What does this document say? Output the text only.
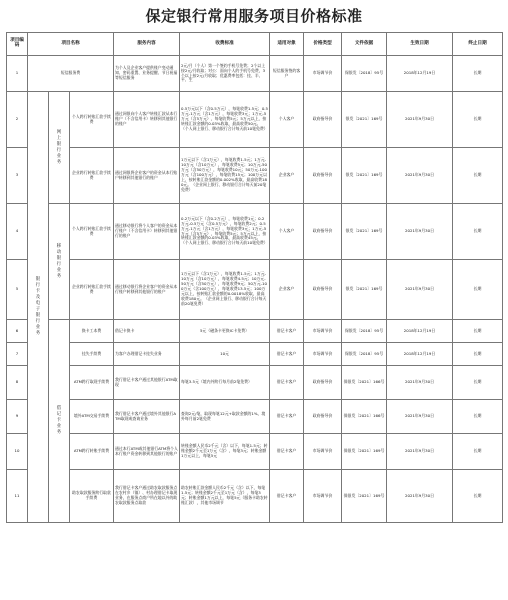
保定银行常用服务项目价格标准
项目编码	项目名称			服务内容	收费标准	适用对象	价格类型	文件依据	生效日期	终止日期
1	短信服务费			为个人及企业客户提供账户变动通知、密码重置、业务提醒、节日祝福等短信服务	2元/月（个人）第一个签约手机号免费；2个以上按2元/月收取；对公：面向个人的手机号免费，3个以上按2元/月收取；优惠费率包括：挂、半、平、生	短信服务签约客户	市场调节价	保银发〔2018〕95号	2018年12月19日	长期
2	银行卡及电子银行业务	网上银行业务	个人跨行转账汇款手续费	通过网银向个人客户转账汇款从本行账户（不含信用卡）转移到其他银行的账户	0.5万元以下（含0.5万元），每笔收费1.5元；0.5万元-1万元（含1万元），每笔收费3元；1万元-5万元（含5万元），每笔收费5元；5万元以上，按转账汇款金额的0.03%收取，最高收费50元。（个人网上银行、移动银行合计每天前10笔免费）	个人客户	政府指导价	银发〔2021〕169号	2021年9月30日	长期
3			企业跨行转账汇款手续费	通过网银将企业客户的资金从本行账户转移到其他银行的账户	1万元以下（含1万元），每笔收费1.5元；1万元-10万元（含10万元），每笔收费5元；10万元-50万元（含50万元），每笔收费10元；50万元-100万元（含100万元），每笔收费15元；100万元以上，按转账汇款金额的0.002%收取，最高收费180元。（企业网上银行、移动银行合计每天前20笔免费）	企业客户	政府指导价	银发〔2021〕169号	2021年9月30日	长期
4		移动银行业务	个人跨行转账汇款手续费	通过移动银行将个人客户的资金从本行账户（不含信用卡）转移到其他银行的账户	0.2万元以下（含0.2万元），每笔收费1元；0.2万元-0.5万元（含0.5万元），每笔收费2元；0.5万元-1万元（含1万元），每笔收费3元；1万元-5万元（含5万元），每笔收费5元；5万元以上，按转账汇款金额的0.03%收取，最高收费45元。（个人网上银行、移动银行合计每天前10笔免费）	个人客户	政府指导价	银发〔2021〕169号	2021年9月30日	长期
5			企业跨行转账汇款手续费	通过移动银行将企业客户的资金从本行账户转移到其他银行的账户	1万元以下（含1万元），每笔收费1.5元；1万元-10万元（含10万元），每笔收费4.5元；10万元-50万元（含50万元），每笔收费9元；50万元-100万元（含100万元），每笔收费13.5元；100万元以上，按转账汇款金额的0.0018%收取，最高收费180元。（企业网上银行、移动银行合计每天前20笔免费）	企业客户	政府指导价	银发〔2021〕169号	2021年9月30日	长期
6		借记卡业务	换卡工本费	借记卡换卡	5元（磁条卡更换IC卡免费）	借记卡客户	市场调节价	保银发〔2018〕95号	2018年12月19日	长期
7			挂失手续费	为客户办理借记卡挂失业务	10元	借记卡客户	市场调节价	保银发〔2018〕95号	2018年12月19日	长期
8			ATM跨行取现手续费	我行借记卡客户通过其他银行ATM取现	每笔3.5元（境内外跨行每月前2笔免费）	借记卡客户	政府指导价	保银发〔2021〕166号	2021年9月30日	长期
9			境外ATM交易手续费	我行借记卡客户通过境外其他银行ATM取现或查询业务	查询2元/笔，取现每笔12元+取款金额的1%，境外每月前2笔免费	借记卡客户	政府指导价	保银发〔2021〕166号	2021年9月30日	长期
10			ATM跨行转账手续费	通过本行ATM或其他银行ATM将个人本行账户资金转移到其他银行的账户	转账金额人民币2千元（含）以下，每笔1.5元；转账金额2千元至1万元（含），每笔3元；转账金额1万元以上，每笔5元	借记卡客户	市场调节价	保银发〔2021〕169号	2021年9月30日	长期
11			助农取款服务跨行取款手续费	我行借记卡客户通过助农取款服务点在农村乡（镇）、村办理借记卡取现业务，在服务点商户所在地以外的助农取款服务点取款	助农转账汇款金额人民币2千元（含）以下，每笔1.5元；转账金额2千元至1万元（含），每笔3元；转账金额1万元以上，每笔5元（服务卡助农转账汇款），其他市场调节	借记卡客户	市场调节价	保银发〔2021〕169号	2021年9月30日	长期
